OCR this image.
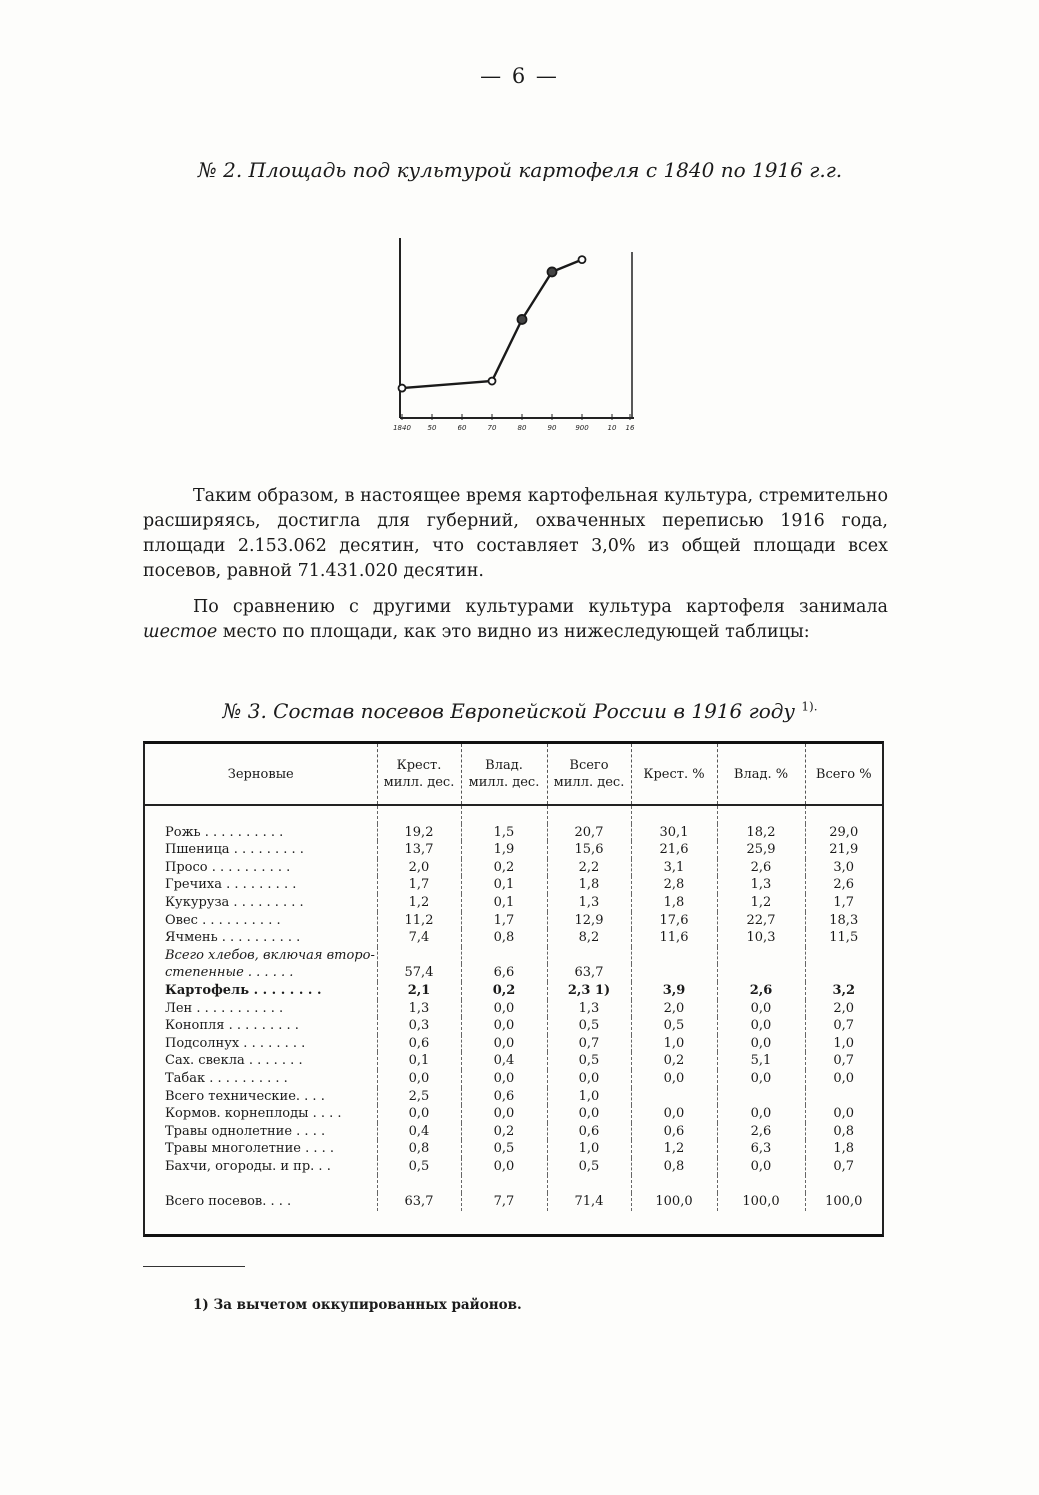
— 6 —
№ 2. Площадь под культурой картофеля с 1840 по 1916 г.г.
1840 50	60	70	80	90	900	10 16
Таким образом, в настоящее время картофельная культура, стремительно расширяясь, достигла для губерний, охваченных переписью 1916 года, площади 2.153.062 десятин, что составляет 3,0% из общей площади всех посевов, равной 71.431.020 десятин.
По сравнению с другими культурами культура картофеля занимала шестое место по площади, как это видно из нижеследующей таблицы:
№ 3. Состав посевов Европейской России в 1916 году $^{1).}$
Зерновые	Крест. милл. дес.	Влад. милл. дес.	Всего милл. дес.	Крест. %	Влад. %	Всего %

Рожь . . . . . . . . . .	19,2	1,5	20,7	30,1	18,2	29,0
Пшеница . . . . . . . . .	13,7	1,9	15,6	21,6	25,9	21,9
Просо . . . . . . . . . .	2,0	0,2	2,2	3,1	2,6	3,0
Гречиха . . . . . . . . .	1,7	0,1	1,8	2,8	1,3	2,6
Кукуруза . . . . . . . . .	1,2	0,1	1,3	1,8	1,2	1,7
Овес . . . . . . . . . .	11,2	1,7	12,9	17,6	22,7	18,3
Ячмень . . . . . . . . . .	7,4	0,8	8,2	11,6	10,3	11,5
Всего хлебов, включая второ-						
степенные . . . . . .	57,4	6,6	63,7			
Картофель . . . . . . . .	2,1	0,2	2,3 1)	3,9	2,6	3,2
Лен . . . . . . . . . . .	1,3	0,0	1,3	2,0	0,0	2,0
Конопля . . . . . . . . .	0,3	0,0	0,5	0,5	0,0	0,7
Подсолнух . . . . . . . .	0,6	0,0	0,7	1,0	0,0	1,0
Сах. свекла . . . . . . .	0,1	0,4	0,5	0,2	5,1	0,7
Табак . . . . . . . . . .	0,0	0,0	0,0	0,0	0,0	0,0
Всего технические. . . .	2,5	0,6	1,0			
Кормов. корнеплоды . . . .	0,0	0,0	0,0	0,0	0,0	0,0
Травы однолетние . . . .	0,4	0,2	0,6	0,6	2,6	0,8
Травы многолетние . . . .	0,8	0,5	1,0	1,2	6,3	1,8
Бахчи, огороды. и пр. . .	0,5	0,0	0,5	0,8	0,0	0,7

Всего посевов. . . .	63,7	7,7	71,4	100,0	100,0	100,0
1) За вычетом оккупированных районов.
